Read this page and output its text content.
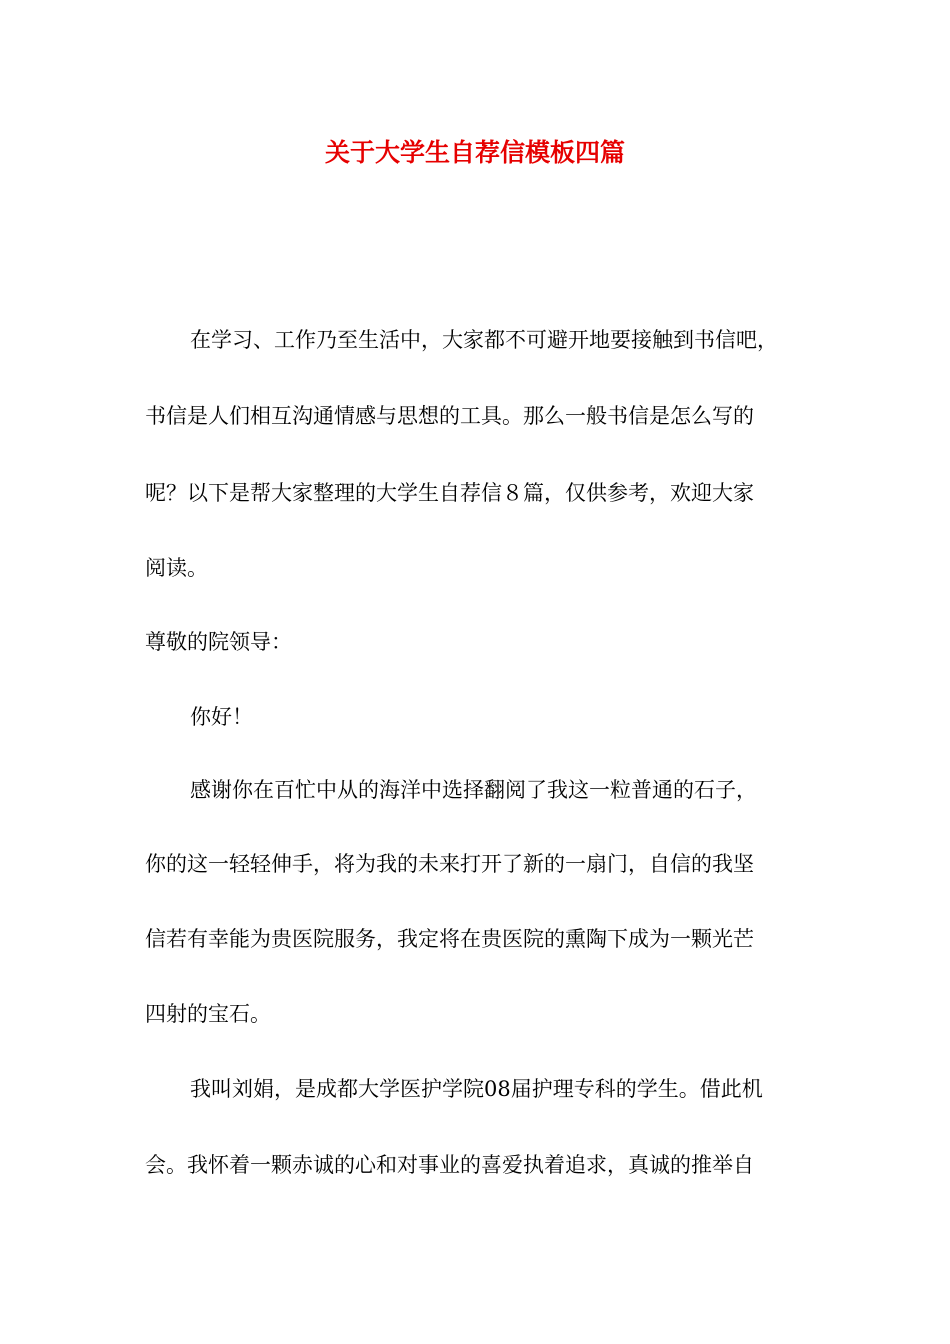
关于大学生自荐信模板四篇

在学习、工作乃至生活中，大家都不可避开地要接触到书信吧，

书信是人们相互沟通情感与思想的工具。那么一般书信是怎么写的

呢？以下是帮大家整理的大学生自荐信８篇，仅供参考，欢迎大家

阅读。

尊敬的院领导：

你好！

感谢你在百忙中从的海洋中选择翻阅了我这一粒普通的石子，

你的这一轻轻伸手，将为我的未来打开了新的一扇门，自信的我坚

信若有幸能为贵医院服务，我定将在贵医院的熏陶下成为一颗光芒

四射的宝石。

我叫刘娟，是成都大学医护学院08届护理专科的学生。借此机

会。我怀着一颗赤诚的心和对事业的喜爱执着追求，真诚的推举自
